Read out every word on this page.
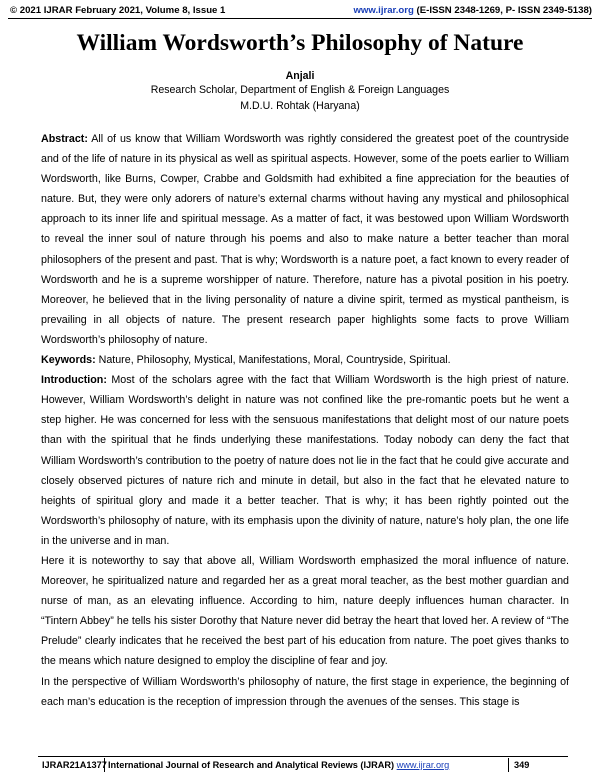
© 2021 IJRAR February 2021, Volume 8, Issue 1	www.ijrar.org (E-ISSN 2348-1269, P- ISSN 2349-5138)
William Wordsworth’s Philosophy of Nature
Anjali
Research Scholar, Department of English & Foreign Languages
M.D.U. Rohtak (Haryana)

Abstract: All of us know that William Wordsworth was rightly considered the greatest poet of the countryside and of the life of nature in its physical as well as spiritual aspects. However, some of the poets earlier to William Wordsworth, like Burns, Cowper, Crabbe and Goldsmith had exhibited a fine appreciation for the beauties of nature. But, they were only adorers of nature’s external charms without having any mystical and philosophical approach to its inner life and spiritual message. As a matter of fact, it was bestowed upon William Wordsworth to reveal the inner soul of nature through his poems and also to make nature a better teacher than moral philosophers of the present and past. That is why; Wordsworth is a nature poet, a fact known to every reader of Wordsworth and he is a supreme worshipper of nature. Therefore, nature has a pivotal position in his poetry. Moreover, he believed that in the living personality of nature a divine spirit, termed as mystical pantheism, is prevailing in all objects of nature. The present research paper highlights some facts to prove William Wordsworth’s philosophy of nature.

Keywords: Nature, Philosophy, Mystical, Manifestations, Moral, Countryside, Spiritual.

Introduction: Most of the scholars agree with the fact that William Wordsworth is the high priest of nature. However, William Wordsworth’s delight in nature was not confined like the pre-romantic poets but he went a step higher. He was concerned for less with the sensuous manifestations that delight most of our nature poets than with the spiritual that he finds underlying these manifestations. Today nobody can deny the fact that William Wordsworth’s contribution to the poetry of nature does not lie in the fact that he could give accurate and closely observed pictures of nature rich and minute in detail, but also in the fact that he elevated nature to heights of spiritual glory and made it a better teacher. That is why; it has been rightly pointed out the Wordsworth’s philosophy of nature, with its emphasis upon the divinity of nature, nature’s holy plan, the one life in the universe and in man.

Here it is noteworthy to say that above all, William Wordsworth emphasized the moral influence of nature. Moreover, he spiritualized nature and regarded her as a great moral teacher, as the best mother guardian and nurse of man, as an elevating influence. According to him, nature deeply influences human character. In “Tintern Abbey” he tells his sister Dorothy that Nature never did betray the heart that loved her. A review of “The Prelude” clearly indicates that he received the best part of his education from nature. The poet gives thanks to the means which nature designed to employ the discipline of fear and joy.

In the perspective of William Wordsworth’s philosophy of nature, the first stage in experience, the beginning of each man’s education is the reception of impression through the avenues of the senses. This stage is

IJRAR21A1377 International Journal of Research and Analytical Reviews (IJRAR) www.ijrar.org	349
